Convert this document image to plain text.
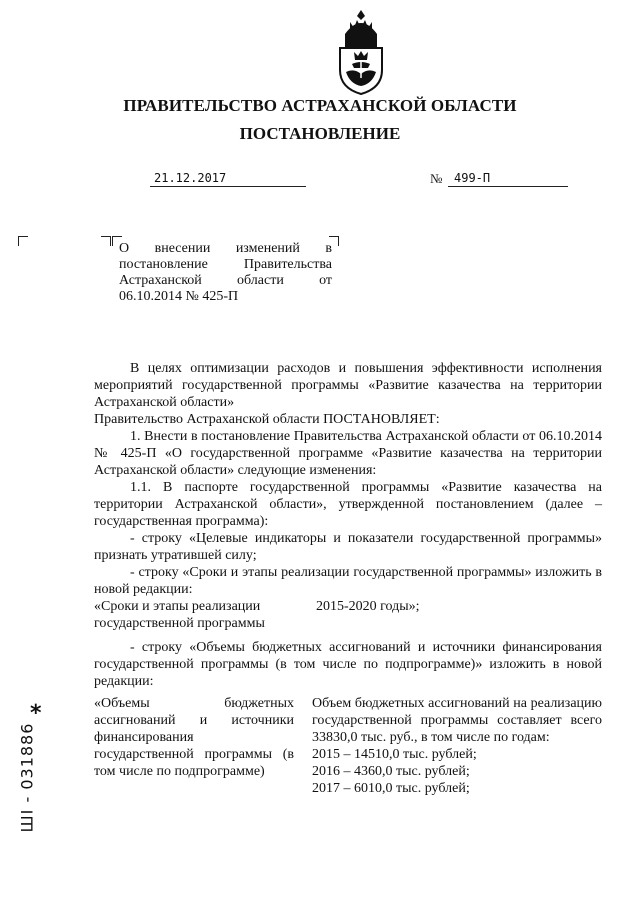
ПРАВИТЕЛЬСТВО АСТРАХАНСКОЙ ОБЛАСТИ
ПОСТАНОВЛЕНИЕ
21.12.2017	№ 499-П
О внесении изменений в постановление Правительства Астраханской области от 06.10.2014 № 425-П

В целях оптимизации расходов и повышения эффективности исполнения мероприятий государственной программы «Развитие казачества на территории Астраханской области»

Правительство Астраханской области ПОСТАНОВЛЯЕТ:

1. Внести в постановление Правительства Астраханской области от 06.10.2014 № 425-П «О государственной программе «Развитие казачества на территории Астраханской области» следующие изменения:

1.1. В паспорте государственной программы «Развитие казачества на территории Астраханской области», утвержденной постановлением (далее – государственная программа):

- строку «Целевые индикаторы и показатели государственной программы» признать утратившей силу;

- строку «Сроки и этапы реализации государственной программы» изложить в новой редакции:

«Сроки и этапы реализации государственной программы
2015-2020 годы»;

- строку «Объемы бюджетных ассигнований и источники финансирования государственной программы (в том числе по подпрограмме)» изложить в новой редакции:

«Объемы бюджетных ассигнований и источники финансирования государственной программы (в том числе по подпрограмме)
Объем бюджетных ассигнований на реализацию государственной программы составляет всего 33830,0 тыс. руб., в том числе по годам:
2015 – 14510,0 тыс. рублей;
2016 – 4360,0 тыс. рублей;
2017 – 6010,0 тыс. рублей;
*
ШI - 031886
